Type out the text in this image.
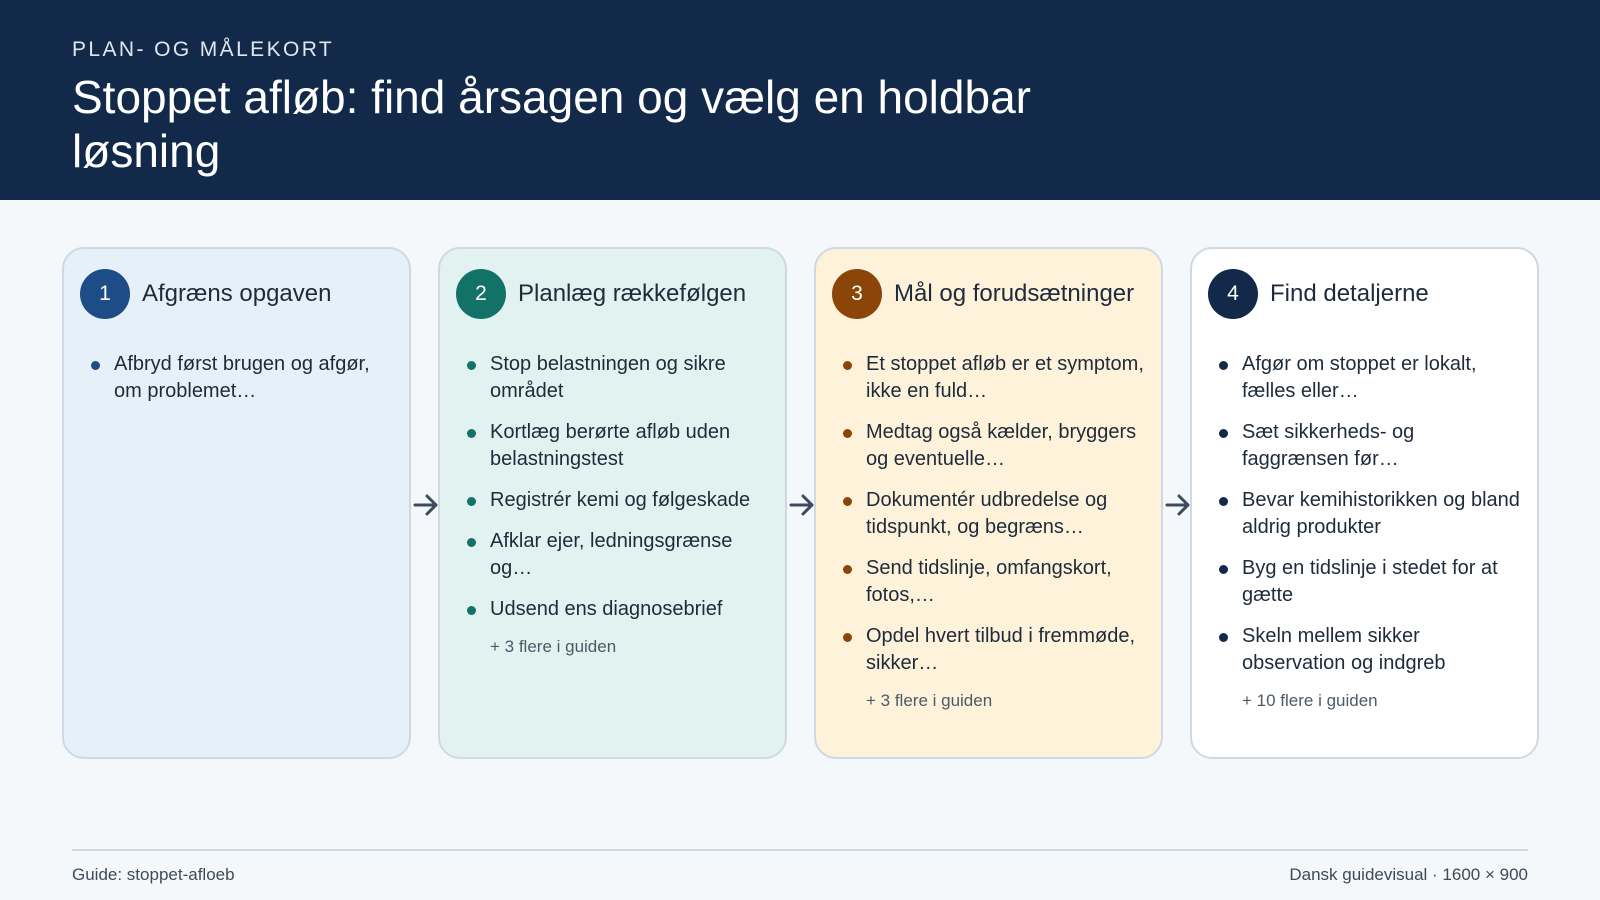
PLAN- OG MÅLEKORT
Stoppet afløb: find årsagen og vælg en holdbar løsning
1	Afgræns opgaven
Afbryd først brugen og afgør, om problemet…
2	Planlæg rækkefølgen
Stop belastningen og sikre området
Kortlæg berørte afløb uden belastningstest
Registrér kemi og følgeskade
Afklar ejer, ledningsgrænse og…
Udsend ens diagnosebrief
+ 3 flere i guiden
3	Mål og forudsætninger
Et stoppet afløb er et symptom, ikke en fuld…
Medtag også kælder, bryggers og eventuelle…
Dokumentér udbredelse og tidspunkt, og begræns…
Send tidslinje, omfangskort, fotos,…
Opdel hvert tilbud i fremmøde, sikker…
+ 3 flere i guiden
4	Find detaljerne
Afgør om stoppet er lokalt, fælles eller…
Sæt sikkerheds- og faggrænsen før…
Bevar kemihistorikken og bland aldrig produkter
Byg en tidslinje i stedet for at gætte
Skeln mellem sikker observation og indgreb
+ 10 flere i guiden
Guide: stoppet-afloeb	Dansk guidevisual · 1600 × 900
